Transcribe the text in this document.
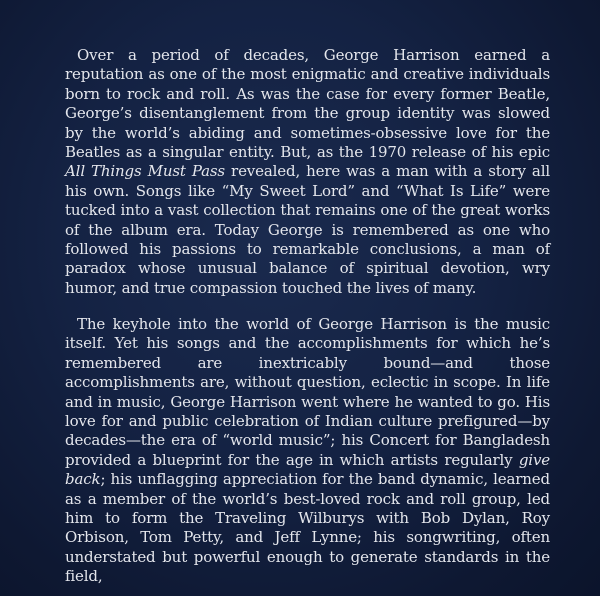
Over a period of decades, George Harrison earned a reputation as one of the most enigmatic and creative individuals born to rock and roll. As was the case for every former Beatle, George’s disentanglement from the group identity was slowed by the world’s abiding and sometimes-obsessive love for the Beatles as a singular entity. But, as the 1970 release of his epic All Things Must Pass revealed, here was a man with a story all his own. Songs like “My Sweet Lord” and “What Is Life” were tucked into a vast collection that remains one of the great works of the album era. Today George is remembered as one who followed his passions to remarkable conclusions, a man of paradox whose unusual balance of spiritual devotion, wry humor, and true compassion touched the lives of many.

The keyhole into the world of George Harrison is the music itself. Yet his songs and the accomplishments for which he’s remembered are inextricably bound—and those accomplishments are, without question, eclectic in scope. In life and in music, George Harrison went where he wanted to go. His love for and public celebration of Indian culture prefigured—by decades—the era of “world music”; his Concert for Bangladesh provided a blueprint for the age in which artists regularly give back; his unflagging appreciation for the band dynamic, learned as a member of the world’s best-loved rock and roll group, led him to form the Traveling Wilburys with Bob Dylan, Roy Orbison, Tom Petty, and Jeff Lynne; his songwriting, often understated but powerful enough to generate standards in the field,
